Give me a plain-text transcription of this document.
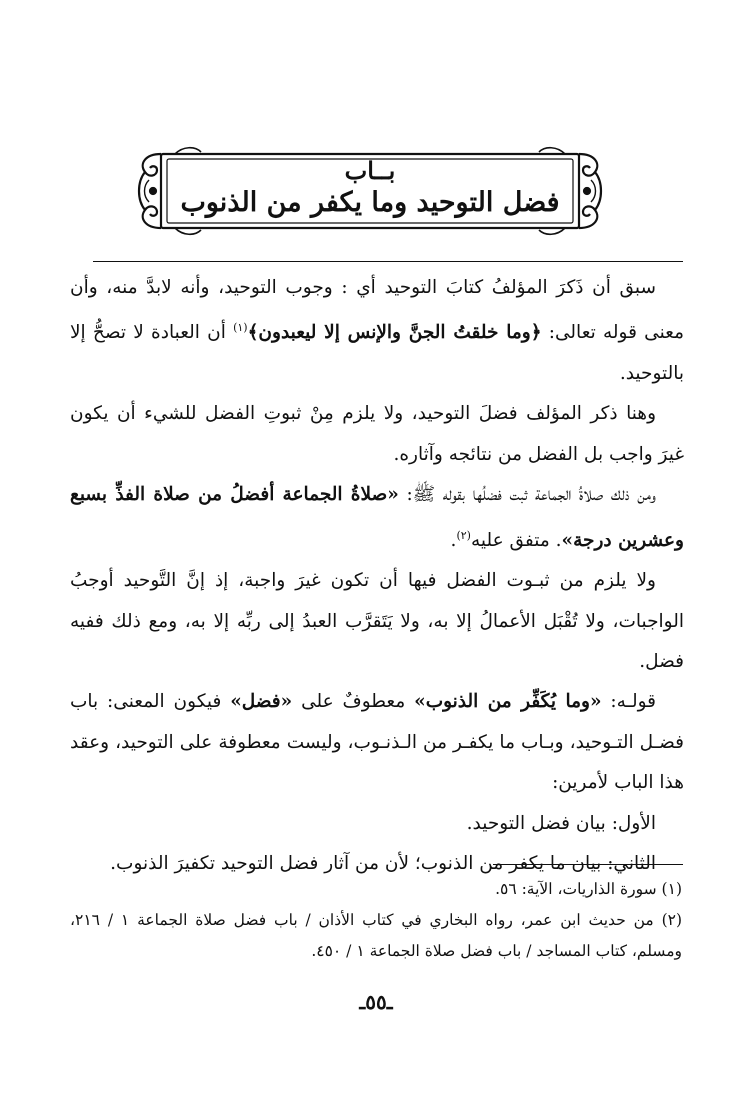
بــاب
فضل التوحيد وما يكفر من الذنوب

سبق أن ذَكرَ المؤلفُ كتابَ التوحيد أي : وجوب التوحيد، وأنه لابدَّ منه، وأن معنى قوله تعالى: ﴿وما خلقتُ الجنَّ والإنس إلا ليعبدون﴾$^{(١)}$ أن العبادة لا تصحُّ إلا بالتوحيد.

وهنا ذكر المؤلف فضلَ التوحيد، ولا يلزم مِنْ ثبوتِ الفضل للشيء أن يكون غيرَ واجب بل الفضل من نتائجه وآثاره.

ومن ذلك صلاةُ الجماعة ثبت فضلُها بقوله ﷺ: «صلاةُ الجماعة أفضلُ من صلاة الفذِّ بسبع وعشرين درجة». متفق عليه$^{(٢)}$.

ولا يلزم من ثبـوت الفضل فيها أن تكون غيرَ واجبة، إذ إنَّ التَّوحيد أوجبُ الواجبات، ولا تُقْبَل الأعمالُ إلا به، ولا يَتَقرَّب العبدُ إلى ربِّه إلا به، ومع ذلك ففيه فضل.

قولـه: «وما يُكَفِّر من الذنوب» معطوفٌ على «فضل» فيكون المعنى: باب فضـل التـوحيد، وبـاب ما يكفـر من الـذنـوب، وليست معطوفة على التوحيد، وعقد هذا الباب لأمرين:

الأول: بيان فضل التوحيد.

الثاني: بيان ما يكفر من الذنوب؛ لأن من آثار فضل التوحيد تكفيرَ الذنوب.

(١) سورة الذاريات، الآية: ٥٦.

(٢) من حديث ابن عمر، رواه البخاري في كتاب الأذان / باب فضل صلاة الجماعة ١ / ٢١٦، ومسلم، كتاب المساجد / باب فضل صلاة الجماعة ١ / ٤٥٠.

ـ٥٥ـ
